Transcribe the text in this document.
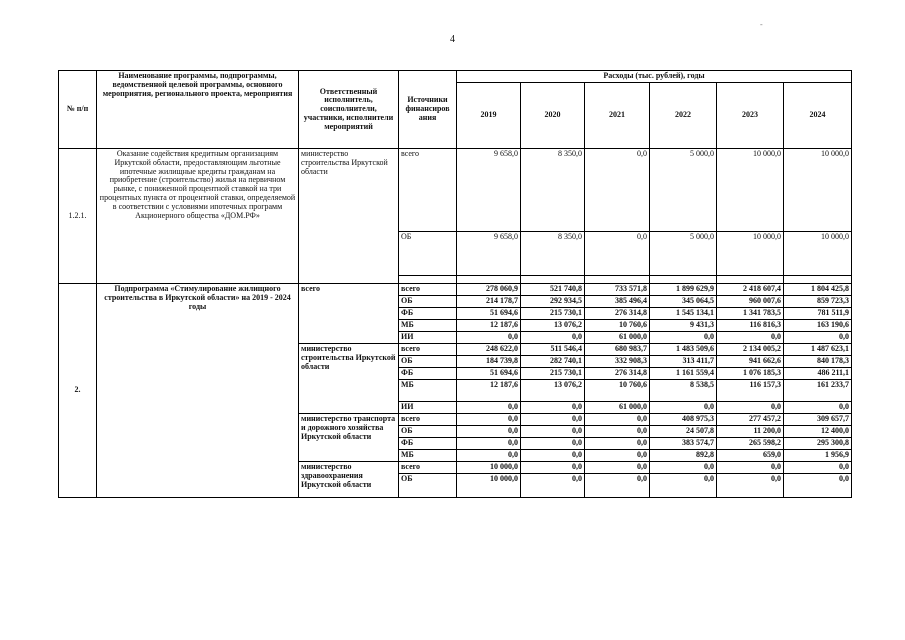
4
-
№ п/п	Наименование программы, подпрограммы, ведомственной целевой программы, основного мероприятия, регионального проекта, мероприятия	Ответственный исполнитель, соисполнители, участники, исполнители мероприятий	Источники финансиров ания	Расходы (тыс. рублей), годы					
				2019	2020	2021	2022	2023	2024
1.2.1.	Оказание содействия кредитным организациям Иркутской области, предоставляющим льготные ипотечные жилищные кредиты гражданам на приобретение (строительство) жилья на первичном рынке, с пониженной процентной ставкой на три процентных пункта от процентной ставки, определяемой в соответствии с условиями ипотечных программ Акционерного общества «ДОМ.РФ»	министерство строительства Иркутской области	всего	9 658,0	8 350,0	0,0	5 000,0	10 000,0	10 000,0
			ОБ	9 658,0	8 350,0	0,0	5 000,0	10 000,0	10 000,0

2.	Подпрограмма «Стимулирование жилищного строительства в Иркутской области» на 2019 - 2024 годы	всего	всего	278 060,9	521 740,8	733 571,8	1 899 629,9	2 418 607,4	1 804 425,8
			ОБ	214 178,7	292 934,5	385 496,4	345 064,5	960 007,6	859 723,3
			ФБ	51 694,6	215 730,1	276 314,8	1 545 134,1	1 341 783,5	781 511,9
			МБ	12 187,6	13 076,2	10 760,6	9 431,3	116 816,3	163 190,6
			ИИ	0,0	0,0	61 000,0	0,0	0,0	0,0
		министерство строительства Иркутской области	всего	248 622,0	511 546,4	680 983,7	1 483 509,6	2 134 005,2	1 487 623,1
			ОБ	184 739,8	282 740,1	332 908,3	313 411,7	941 662,6	840 178,3
			ФБ	51 694,6	215 730,1	276 314,8	1 161 559,4	1 076 185,3	486 211,1
			МБ	12 187,6	13 076,2	10 760,6	8 538,5	116 157,3	161 233,7
			ИИ	0,0	0,0	61 000,0	0,0	0,0	0,0
		министерство транспорта и дорожного хозяйства Иркутской области	всего	0,0	0,0	0,0	408 975,3	277 457,2	309 657,7
			ОБ	0,0	0,0	0,0	24 507,8	11 200,0	12 400,0
			ФБ	0,0	0,0	0,0	383 574,7	265 598,2	295 300,8
			МБ	0,0	0,0	0,0	892,8	659,0	1 956,9
		министерство здравоохранения Иркутской области	всего	10 000,0	0,0	0,0	0,0	0,0	0,0
			ОБ	10 000,0	0,0	0,0	0,0	0,0	0,0
